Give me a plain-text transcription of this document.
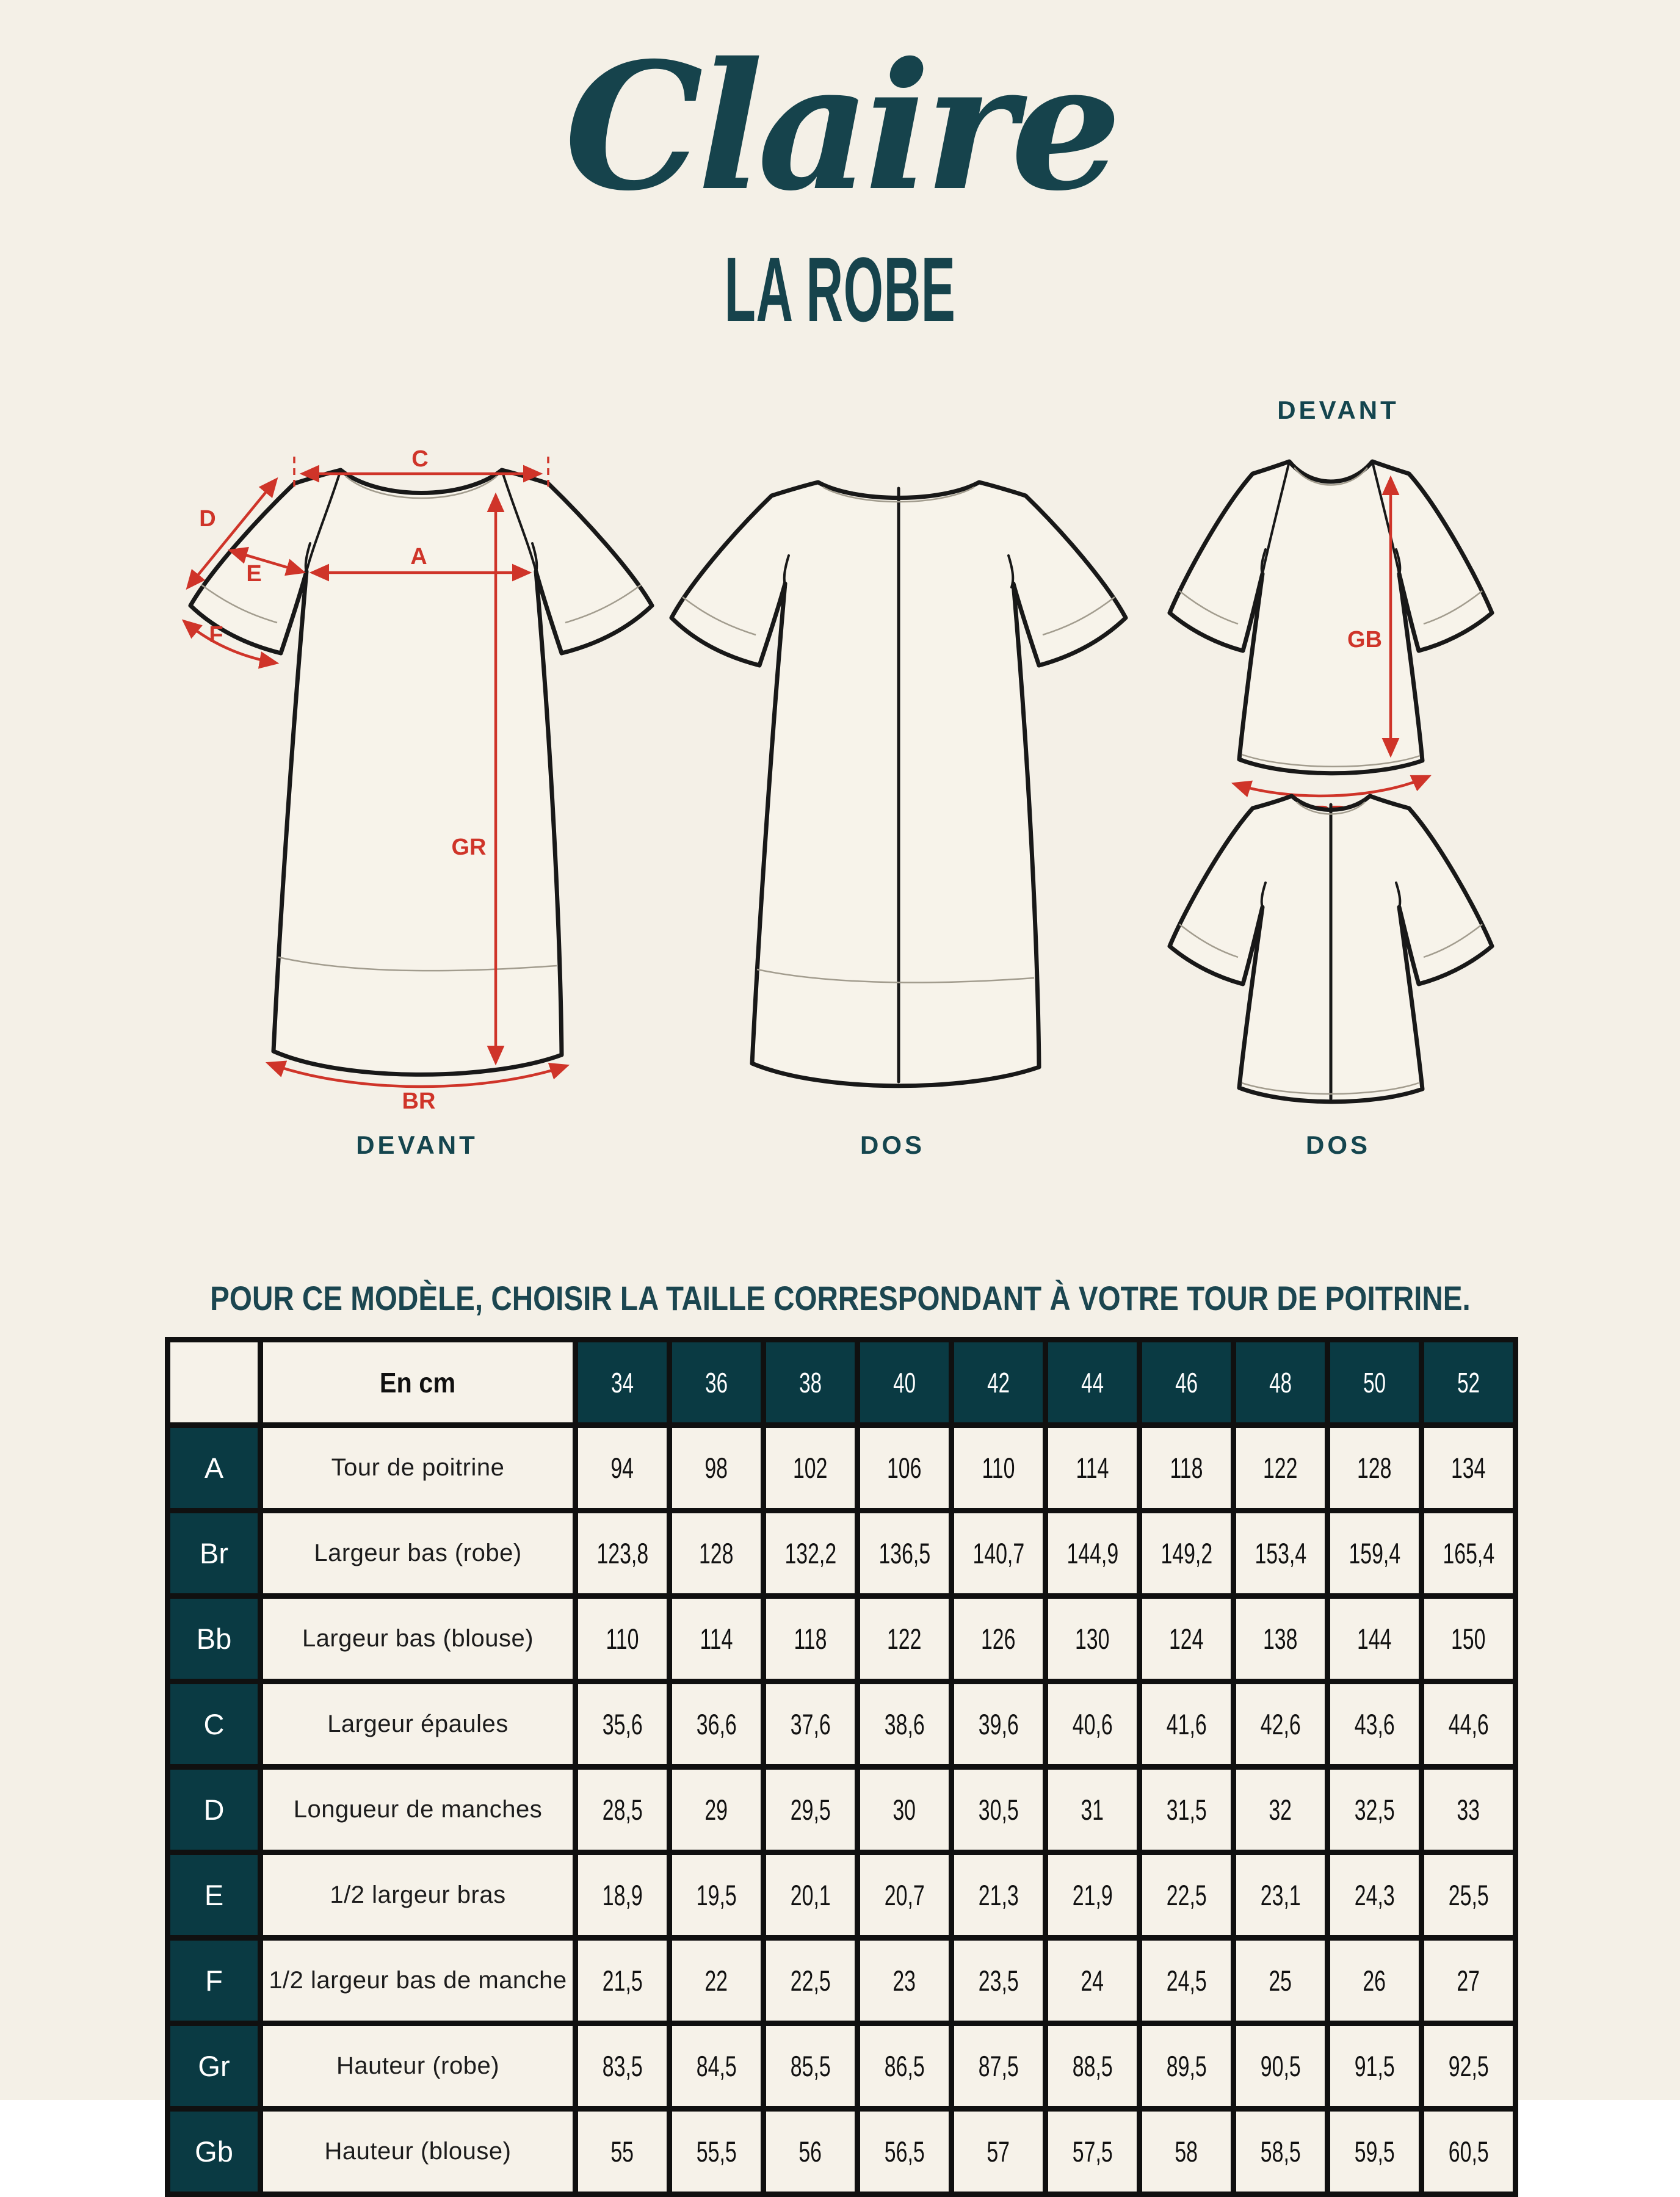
Claire
LA ROBE
C
D
E
F
A
GR
BR
GB
DEVANT
DEVANT	DOS	DOS

POUR CE MODÈLE, CHOISIR LA TAILLE CORRESPONDANT À VOTRE TOUR DE POITRINE.

	En cm	34	36	38	40	42	44	46	48	50	52
A	Tour de poitrine	94	98	102	106	110	114	118	122	128	134
Br	Largeur bas (robe)	123,8	128	132,2	136,5	140,7	144,9	149,2	153,4	159,4	165,4
Bb	Largeur bas (blouse)	110	114	118	122	126	130	124	138	144	150
C	Largeur épaules	35,6	36,6	37,6	38,6	39,6	40,6	41,6	42,6	43,6	44,6
D	Longueur de manches	28,5	29	29,5	30	30,5	31	31,5	32	32,5	33
E	1/2 largeur bras	18,9	19,5	20,1	20,7	21,3	21,9	22,5	23,1	24,3	25,5
F	1/2 largeur bas de manche	21,5	22	22,5	23	23,5	24	24,5	25	26	27
Gr	Hauteur (robe)	83,5	84,5	85,5	86,5	87,5	88,5	89,5	90,5	91,5	92,5
Gb	Hauteur (blouse)	55	55,5	56	56,5	57	57,5	58	58,5	59,5	60,5
